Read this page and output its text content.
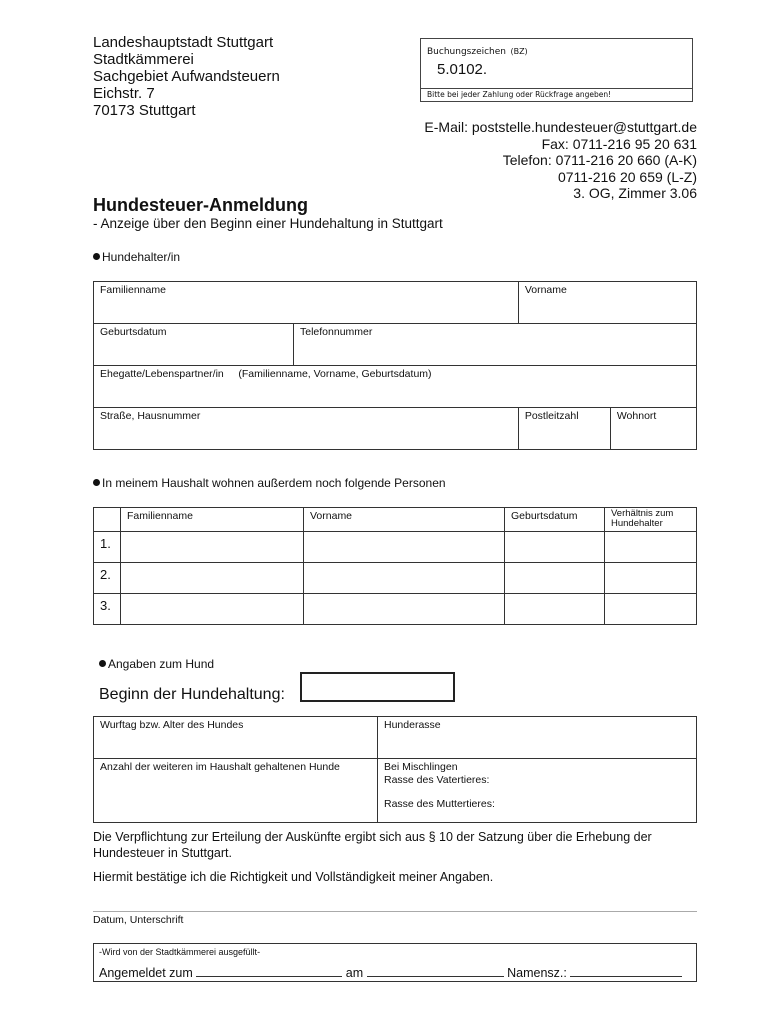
Landeshauptstadt Stuttgart
Stadtkämmerei
Sachgebiet Aufwandsteuern
Eichstr. 7
70173 Stuttgart
Buchungszeichen (BZ)
5.0102.
Bitte bei jeder Zahlung oder Rückfrage angeben!
E-Mail: poststelle.hundesteuer@stuttgart.de
Fax: 0711-216 95 20 631
Telefon: 0711-216 20 660 (A-K)
0711-216 20 659 (L-Z)
3. OG, Zimmer 3.06
Hundesteuer-Anmeldung
- Anzeige über den Beginn einer Hundehaltung in Stuttgart
Hundehalter/in
Familienname		Vorname	
Geburtsdatum	Telefonnummer		
Ehegatte/Lebenspartner/in (Familienname, Vorname, Geburtsdatum)			
Straße, Hausnummer		Postleitzahl	Wohnort
In meinem Haushalt wohnen außerdem noch folgende Personen
	Familienname	Vorname	Geburtsdatum	Verhältnis zum Hundehalter
1.				
2.				
3.				
Angaben zum Hund
Beginn der Hundehaltung:
Wurftag bzw. Alter des Hundes	Hunderasse
Anzahl der weiteren im Haushalt gehaltenen Hunde	Bei Mischlingen
Rasse des Vatertieres:
Rasse des Muttertieres:
Die Verpflichtung zur Erteilung der Auskünfte ergibt sich aus § 10 der Satzung über die Erhebung der Hundesteuer in Stuttgart.
Hiermit bestätige ich die Richtigkeit und Vollständigkeit meiner Angaben.
Datum, Unterschrift
-Wird von der Stadtkämmerei ausgefüllt-
Angemeldet zum	am	Namensz.:
